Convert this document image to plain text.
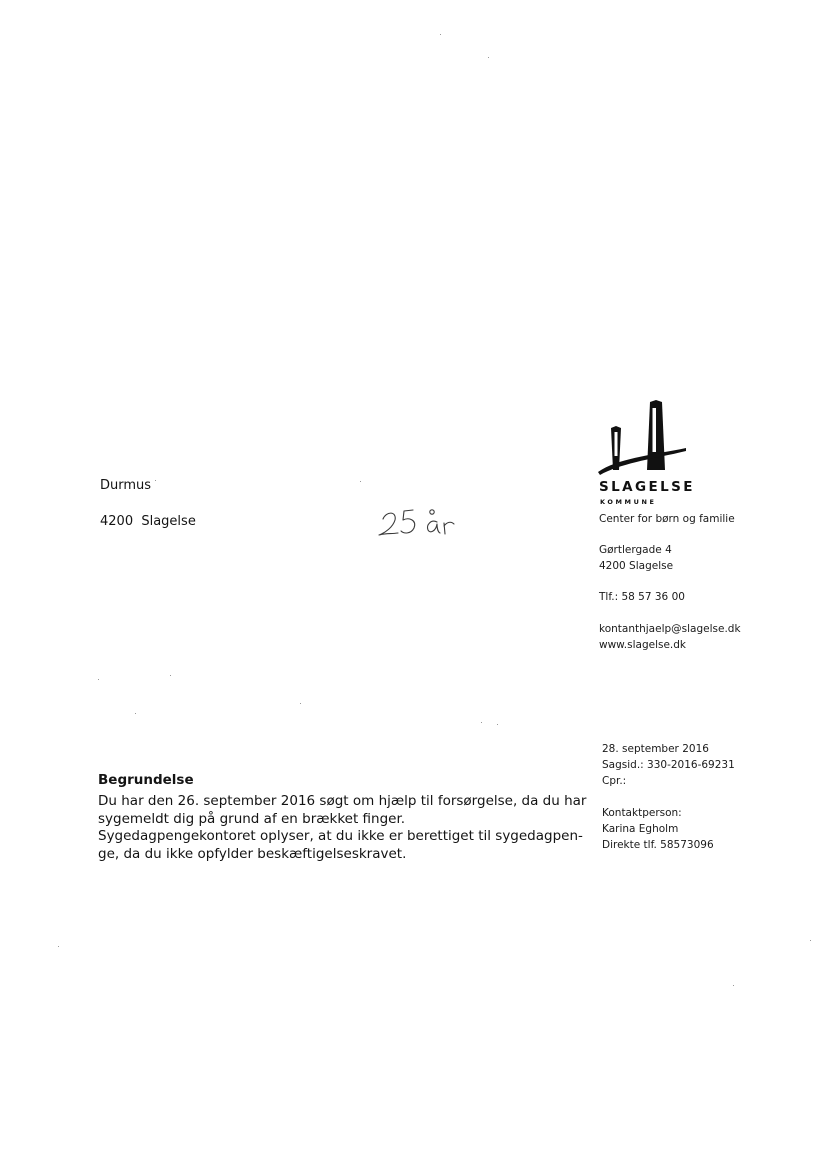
Durmus
4200  Slagelse
SLAGELSE
KOMMUNE
Center for børn og familie
Gørtlergade 4
4200 Slagelse
Tlf.: 58 57 36 00
kontanthjaelp@slagelse.dk
www.slagelse.dk
28. september 2016
Sagsid.: 330-2016-69231
Cpr.:
Kontaktperson:
Karina Egholm
Direkte tlf. 58573096
Begrundelse
Du har den 26. september 2016 søgt om hjælp til forsørgelse, da du har
sygemeldt dig på grund af en brækket finger.
Sygedagpengekontoret oplyser, at du ikke er berettiget til sygedagpen-
ge, da du ikke opfylder beskæftigelseskravet.
